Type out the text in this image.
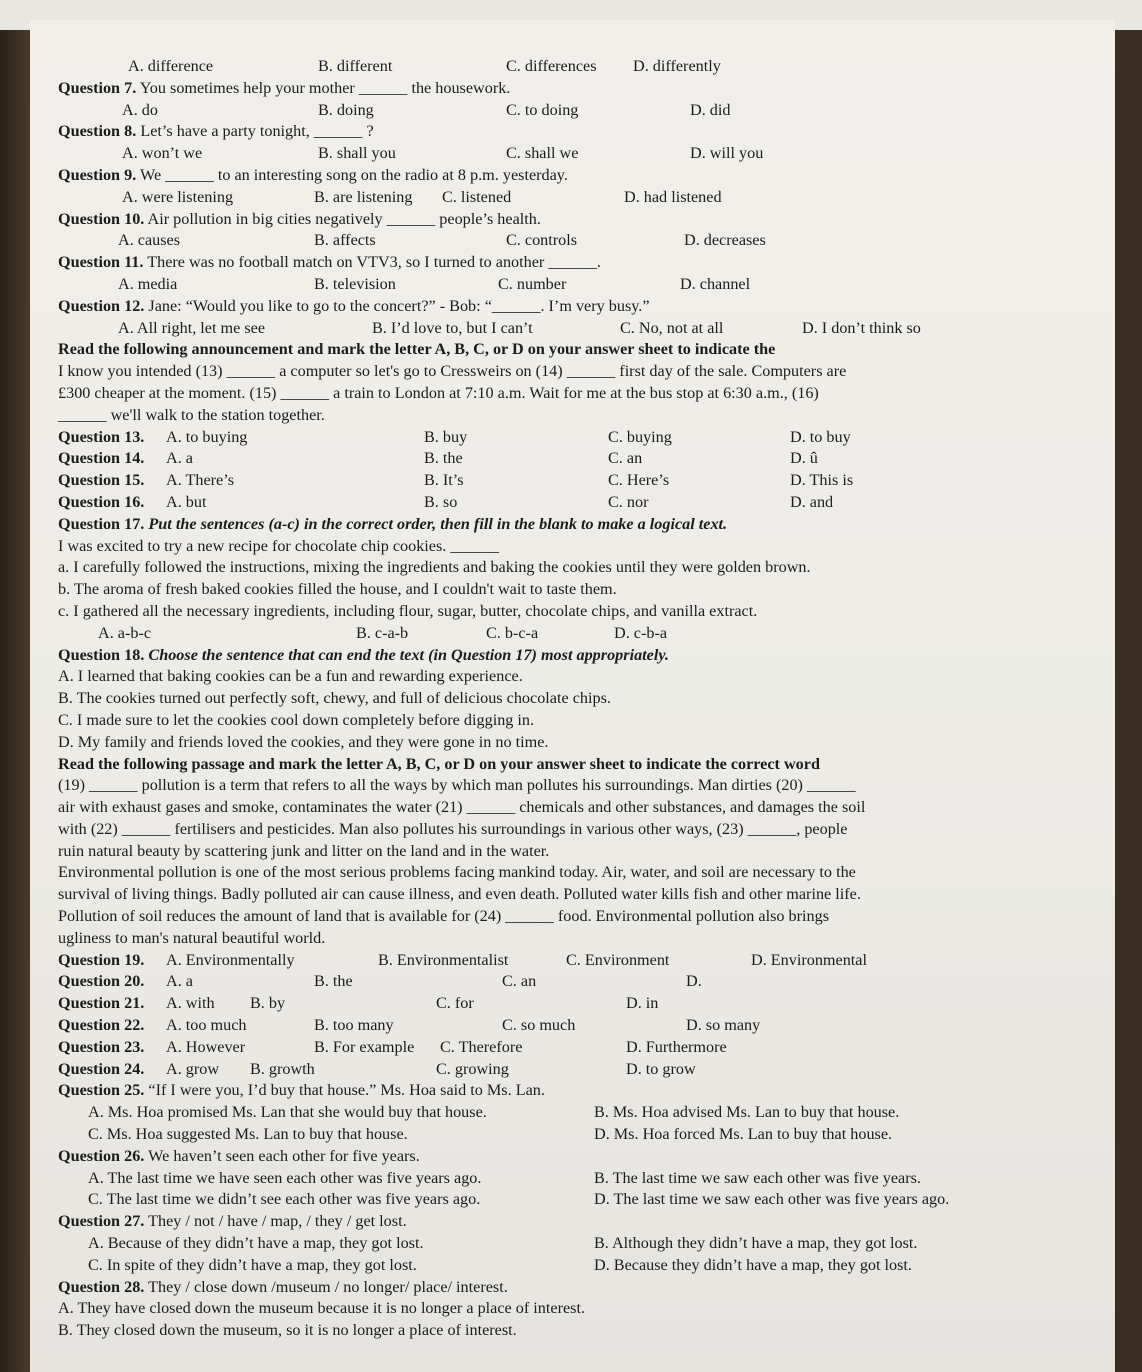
A. difference	B. different	C. differences D. differently
Question 7. You sometimes help your mother ______ the housework.
A. do	B. doing	C. to doing	D. did
Question 8. Let’s have a party tonight, ______ ?
A. won’t we	B. shall you	C. shall we	D. will you
Question 9. We ______ to an interesting song on the radio at 8 p.m. yesterday.
A. were listening	B. are listening C. listened	D. had listened
Question 10. Air pollution in big cities negatively ______ people’s health.
A. causes	B. affects	C. controls	D. decreases
Question 11. There was no football match on VTV3, so I turned to another ______.
A. media	B. television	C. number	D. channel
Question 12. Jane: “Would you like to go to the concert?” - Bob: “______. I’m very busy.”
A. All right, let me see	B. I’d love to, but I can’t	C. No, not at all	D. I don’t think so
Read the following announcement and mark the letter A, B, C, or D on your answer sheet to indicate the
I know you intended (13) ______ a computer so let's go to Cressweirs on (14) ______ first day of the sale. Computers are
£300 cheaper at the moment. (15) ______ a train to London at 7:10 a.m. Wait for me at the bus stop at 6:30 a.m., (16)
______ we'll walk to the station together.
Question 13. A. to buying	B. buy	C. buying	D. to buy
Question 14. A. a	B. the	C. an	D. û
Question 15. A. There’s	B. It’s	C. Here’s	D. This is
Question 16. A. but	B. so	C. nor	D. and
Question 17. Put the sentences (a-c) in the correct order, then fill in the blank to make a logical text.
I was excited to try a new recipe for chocolate chip cookies. ______
a. I carefully followed the instructions, mixing the ingredients and baking the cookies until they were golden brown.
b. The aroma of fresh baked cookies filled the house, and I couldn't wait to taste them.
c. I gathered all the necessary ingredients, including flour, sugar, butter, chocolate chips, and vanilla extract.
A. a-b-c	B. c-a-b	C. b-c-a	D. c-b-a
Question 18. Choose the sentence that can end the text (in Question 17) most appropriately.
A. I learned that baking cookies can be a fun and rewarding experience.
B. The cookies turned out perfectly soft, chewy, and full of delicious chocolate chips.
C. I made sure to let the cookies cool down completely before digging in.
D. My family and friends loved the cookies, and they were gone in no time.
Read the following passage and mark the letter A, B, C, or D on your answer sheet to indicate the correct word
(19) ______ pollution is a term that refers to all the ways by which man pollutes his surroundings. Man dirties (20) ______
air with exhaust gases and smoke, contaminates the water (21) ______ chemicals and other substances, and damages the soil
with (22) ______ fertilisers and pesticides. Man also pollutes his surroundings in various other ways, (23) ______, people
ruin natural beauty by scattering junk and litter on the land and in the water.
Environmental pollution is one of the most serious problems facing mankind today. Air, water, and soil are necessary to the
survival of living things. Badly polluted air can cause illness, and even death. Polluted water kills fish and other marine life.
Pollution of soil reduces the amount of land that is available for (24) ______ food. Environmental pollution also brings
ugliness to man's natural beautiful world.
Question 19. A. Environmentally	B. Environmentalist	C. Environment	D. Environmental
Question 20. A. a	B. the	C. an	D.
Question 21. A. with B. by	C. for	D. in
Question 22. A. too much	B. too many	C. so much	D. so many
Question 23. A. However	B. For example C. Therefore	D. Furthermore
Question 24. A. grow B. growth	C. growing	D. to grow
Question 25. “If I were you, I’d buy that house.” Ms. Hoa said to Ms. Lan.
A. Ms. Hoa promised Ms. Lan that she would buy that house.	B. Ms. Hoa advised Ms. Lan to buy that house.
C. Ms. Hoa suggested Ms. Lan to buy that house.	D. Ms. Hoa forced Ms. Lan to buy that house.
Question 26. We haven’t seen each other for five years.
A. The last time we have seen each other was five years ago.	B. The last time we saw each other was five years.
C. The last time we didn’t see each other was five years ago.	D. The last time we saw each other was five years ago.
Question 27. They / not / have / map, / they / get lost.
A. Because of they didn’t have a map, they got lost.	B. Although they didn’t have a map, they got lost.
C. In spite of they didn’t have a map, they got lost.	D. Because they didn’t have a map, they got lost.
Question 28. They / close down /museum / no longer/ place/ interest.
A. They have closed down the museum because it is no longer a place of interest.
B. They closed down the museum, so it is no longer a place of interest.
